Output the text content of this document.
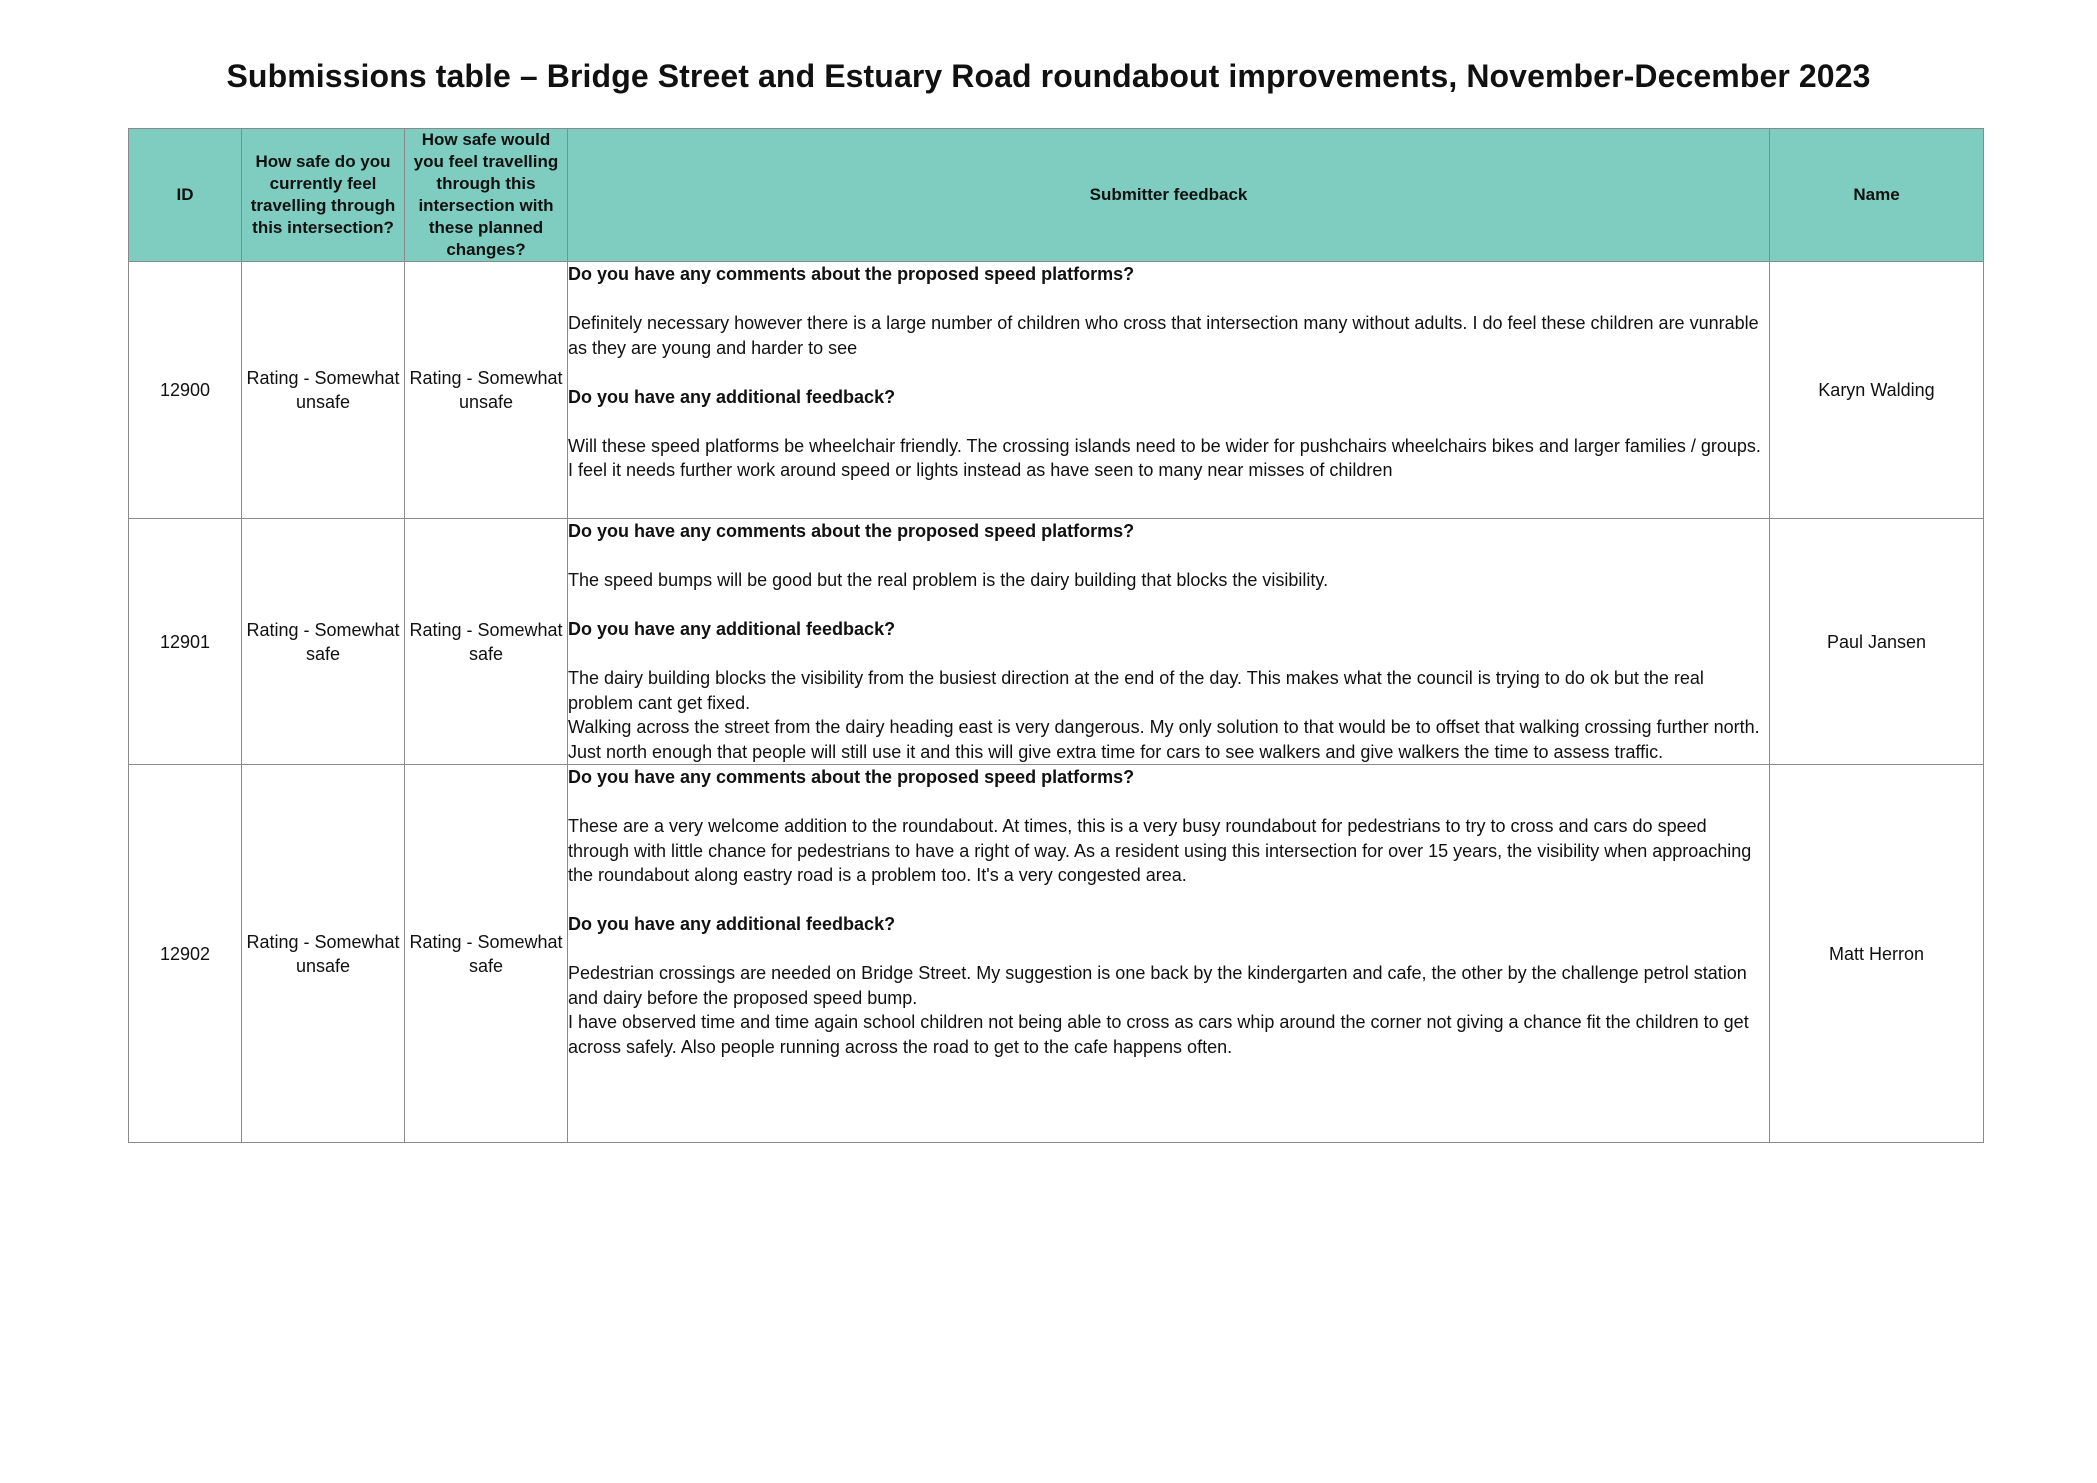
Submissions table – Bridge Street and Estuary Road roundabout improvements, November-December 2023
ID	How safe do you currently feel travelling through this intersection?	How safe would you feel travelling through this intersection with these planned changes?	Submitter feedback	Name
12900	Rating - Somewhat unsafe	Rating - Somewhat unsafe	Do you have any comments about the proposed speed platforms?

Definitely necessary however there is a large number of children who cross that intersection many without adults. I do feel these children are vunrable as they are young and harder to see

Do you have any additional feedback?

Will these speed platforms be wheelchair friendly. The crossing islands need to be wider for pushchairs wheelchairs bikes and larger families / groups. I feel it needs further work around speed or lights instead as have seen to many near misses of children	Karyn Walding
12901	Rating - Somewhat safe	Rating - Somewhat safe	Do you have any comments about the proposed speed platforms?

The speed bumps will be good but the real problem is the dairy building that blocks the visibility.

Do you have any additional feedback?

The dairy building blocks the visibility from the busiest direction at the end of the day. This makes what the council is trying to do ok but the real problem cant get fixed.

Walking across the street from the dairy heading east is very dangerous. My only solution to that would be to offset that walking crossing further north. Just north enough that people will still use it and this will give extra time for cars to see walkers and give walkers the time to assess traffic.	Paul Jansen
12902	Rating - Somewhat unsafe	Rating - Somewhat safe	Do you have any comments about the proposed speed platforms?

These are a very welcome addition to the roundabout. At times, this is a very busy roundabout for pedestrians to try to cross and cars do speed through with little chance for pedestrians to have a right of way. As a resident using this intersection for over 15 years, the visibility when approaching the roundabout along eastry road is a problem too. It's a very congested area.

Do you have any additional feedback?

Pedestrian crossings are needed on Bridge Street. My suggestion is one back by the kindergarten and cafe, the other by the challenge petrol station and dairy before the proposed speed bump.

I have observed time and time again school children not being able to cross as cars whip around the corner not giving a chance fit the children to get across safely. Also people running across the road to get to the cafe happens often.	Matt Herron
